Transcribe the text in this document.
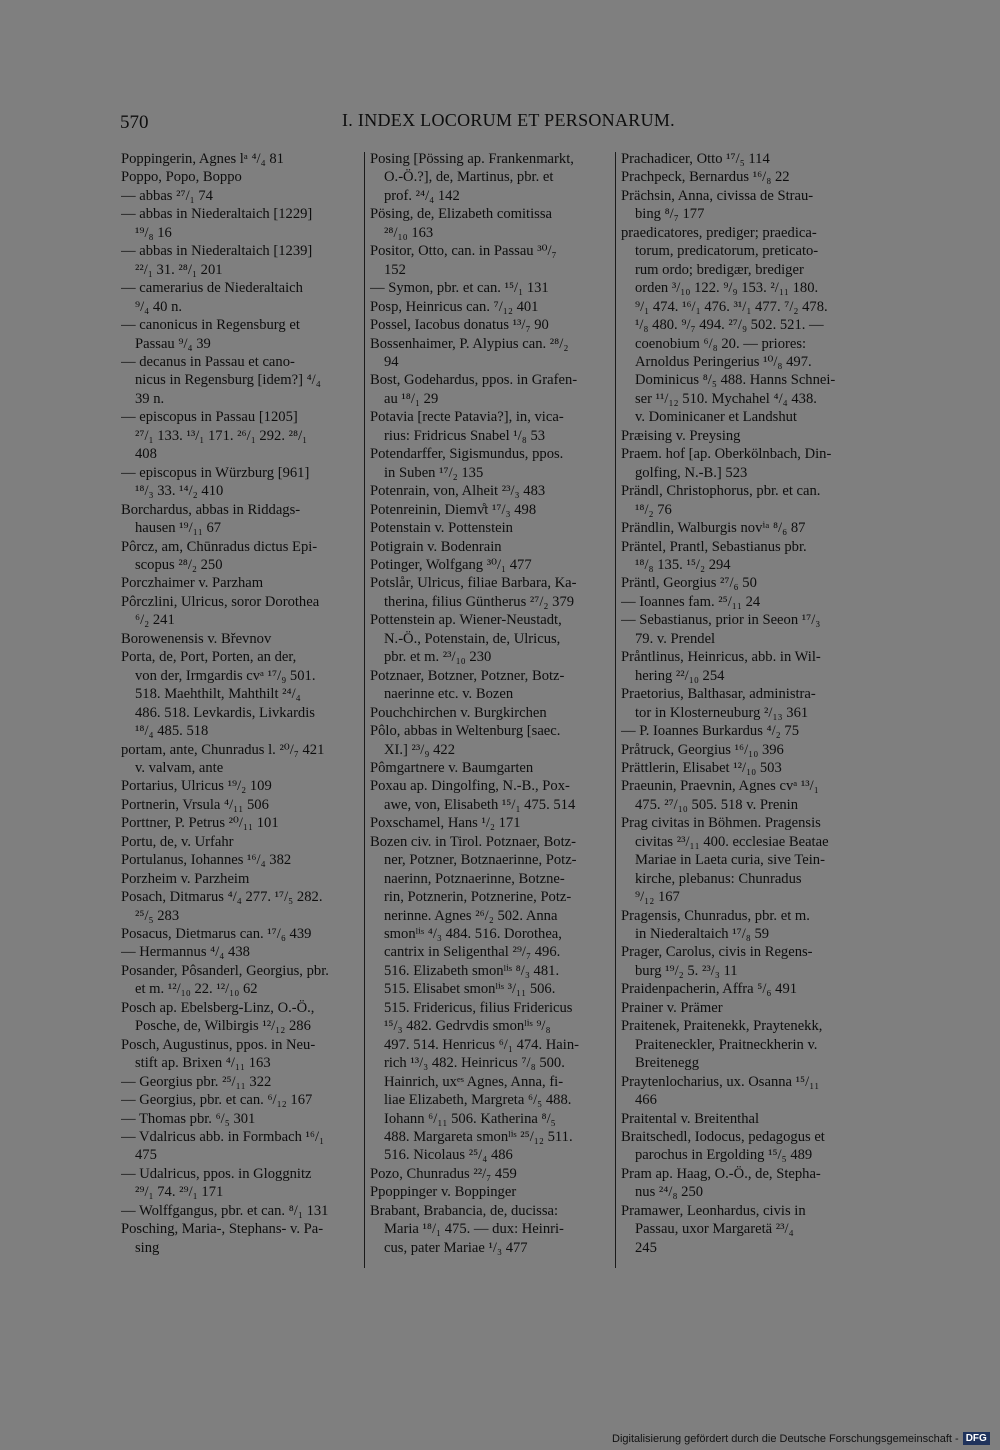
570	I. INDEX LOCORUM ET PERSONARUM.
Poppingerin, Agnes lᵃ ⁴/₄ 81
Poppo, Popo, Boppo
— abbas ²⁷/₁ 74
— abbas in Niederaltaich [1229]
¹⁹/₈ 16
— abbas in Niederaltaich [1239]
²²/₁ 31. ²⁸/₁ 201
— camerarius de Niederaltaich
⁹/₄ 40 n.
— canonicus in Regensburg et
Passau ⁹/₄ 39
— decanus in Passau et cano-
nicus in Regensburg [idem?] ⁴/₄
39 n.
— episcopus in Passau [1205]
²⁷/₁ 133. ¹³/₁ 171. ²⁶/₁ 292. ²⁸/₁
408
— episcopus in Würzburg [961]
¹⁸/₃ 33. ¹⁴/₂ 410
Borchardus, abbas in Riddags-
hausen ¹⁹/₁₁ 67
Pôrcz, am, Chūnradus dictus Epi-
scopus ²⁸/₂ 250
Porczhaimer v. Parzham
Pôrczlini, Ulricus, soror Dorothea
⁶/₂ 241
Borowenensis v. Břevnov
Porta, de, Port, Porten, an der,
von der, Irmgardis cvᵃ ¹⁷/₉ 501.
518. Maehthilt, Mahthilt ²⁴/₄
486. 518. Levkardis, Livkardis
¹⁸/₄ 485. 518
portam, ante, Chunradus l. ²⁰/₇ 421
v. valvam, ante
Portarius, Ulricus ¹⁹/₂ 109
Portnerin, Vrsula ⁴/₁₁ 506
Porttner, P. Petrus ²⁰/₁₁ 101
Portu, de, v. Urfahr
Portulanus, Iohannes ¹⁶/₄ 382
Porzheim v. Parzheim
Posach, Ditmarus ⁴/₄ 277. ¹⁷/₅ 282.
²⁵/₅ 283
Posacus, Dietmarus can. ¹⁷/₆ 439
— Hermannus ⁴/₄ 438
Posander, Pôsanderl, Georgius, pbr.
et m. ¹²/₁₀ 22. ¹²/₁₀ 62
Posch ap. Ebelsberg-Linz, O.-Ö.,
Posche, de, Wilbirgis ¹²/₁₂ 286
Posch, Augustinus, ppos. in Neu-
stift ap. Brixen ⁴/₁₁ 163
— Georgius pbr. ²⁵/₁₁ 322
— Georgius, pbr. et can. ⁶/₁₂ 167
— Thomas pbr. ⁶/₅ 301
— Vdalricus abb. in Formbach ¹⁶/₁
475
— Udalricus, ppos. in Gloggnitz
²⁹/₁ 74. ²⁹/₁ 171
— Wolffgangus, pbr. et can. ⁸/₁ 131
Posching, Maria-, Stephans- v. Pa-
sing
Posing [Pössing ap. Frankenmarkt,
O.-Ö.?], de, Martinus, pbr. et
prof. ²⁴/₄ 142
Pösing, de, Elizabeth comitissa
²⁸/₁₀ 163
Positor, Otto, can. in Passau ³⁰/₇
152
— Symon, pbr. et can. ¹⁵/₁ 131
Posp, Heinricus can. ⁷/₁₂ 401
Possel, Iacobus donatus ¹³/₇ 90
Bossenhaimer, P. Alypius can. ²⁸/₂
94
Bost, Godehardus, ppos. in Grafen-
au ¹⁸/₁ 29
Potavia [recte Patavia?], in, vica-
rius: Fridricus Snabel ¹/₈ 53
Potendarffer, Sigismundus, ppos.
in Suben ¹⁷/₂ 135
Potenrain, von, Alheit ²³/₃ 483
Potenreinin, Diemv̊t ¹⁷/₃ 498
Potenstain v. Pottenstein
Potigrain v. Bodenrain
Potinger, Wolfgang ³⁰/₁ 477
Potslår, Ulricus, filiae Barbara, Ka-
therina, filius Güntherus ²⁷/₂ 379
Pottenstein ap. Wiener-Neustadt,
N.-Ö., Potenstain, de, Ulricus,
pbr. et m. ²³/₁₀ 230
Potznaer, Botzner, Potzner, Botz-
naerinne etc. v. Bozen
Pouchchirchen v. Burgkirchen
Pôlo, abbas in Weltenburg [saec.
XI.] ²³/₉ 422
Pômgartnere v. Baumgarten
Poxau ap. Dingolfing, N.-B., Pox-
awe, von, Elisabeth ¹⁵/₁ 475. 514
Poxschamel, Hans ¹/₂ 171
Bozen civ. in Tirol. Potznaer, Botz-
ner, Potzner, Botznaerinne, Potz-
naerinn, Potznaerinne, Botzne-
rin, Potznerin, Potznerine, Potz-
nerinne. Agnes ²⁶/₂ 502. Anna
smonˡⁱˢ ⁴/₃ 484. 516. Dorothea,
cantrix in Seligenthal ²⁹/₇ 496.
516. Elizabeth smonˡⁱˢ ⁸/₃ 481.
515. Elisabet smonˡⁱˢ ³/₁₁ 506.
515. Fridericus, filius Fridericus
¹⁵/₃ 482. Gedrvdis smonˡⁱˢ ⁹/₈
497. 514. Henricus ⁶/₁ 474. Hain-
rich ¹³/₃ 482. Heinricus ⁷/₈ 500.
Hainrich, uxᵉˢ Agnes, Anna, fi-
liae Elizabeth, Margreta ⁶/₅ 488.
Iohann ⁶/₁₁ 506. Katherina ⁸/₅
488. Margareta smonˡⁱˢ ²⁵/₁₂ 511.
516. Nicolaus ²⁵/₄ 486
Pozo, Chunradus ²²/₇ 459
Ppoppinger v. Boppinger
Brabant, Brabancia, de, ducissa:
Maria ¹⁸/₁ 475. — dux: Heinri-
cus, pater Mariae ¹/₃ 477
Prachadicer, Otto ¹⁷/₅ 114
Prachpeck, Bernardus ¹⁶/₈ 22
Prächsin, Anna, civissa de Strau-
bing ⁸/₇ 177
praedicatores, prediger; praedica-
torum, predicatorum, preticato-
rum ordo; bredigær, brediger
orden ³/₁₀ 122. ⁹/₉ 153. ²/₁₁ 180.
⁹/₁ 474. ¹⁶/₁ 476. ³¹/₁ 477. ⁷/₂ 478.
¹/₈ 480. ⁹/₇ 494. ²⁷/₉ 502. 521. —
coenobium ⁶/₈ 20. — priores:
Arnoldus Peringerius ¹⁰/₈ 497.
Dominicus ⁸/₅ 488. Hanns Schnei-
ser ¹¹/₁₂ 510. Mychahel ⁴/₄ 438.
v. Dominicaner et Landshut
Præising v. Preysing
Praem. hof [ap. Oberkölnbach, Din-
golfing, N.-B.] 523
Prändl, Christophorus, pbr. et can.
¹⁸/₂ 76
Prändlin, Walburgis novⁱᵃ ⁸/₆ 87
Präntel, Prantl, Sebastianus pbr.
¹⁸/₈ 135. ¹⁵/₂ 294
Präntl, Georgius ²⁷/₆ 50
— Ioannes fam. ²⁵/₁₁ 24
— Sebastianus, prior in Seeon ¹⁷/₃
79. v. Prendel
Pråntlinus, Heinricus, abb. in Wil-
hering ²²/₁₀ 254
Praetorius, Balthasar, administra-
tor in Klosterneuburg ²/₁₃ 361
— P. Ioannes Burkardus ⁴/₂ 75
Pråtruck, Georgius ¹⁶/₁₀ 396
Prättlerin, Elisabet ¹²/₁₀ 503
Praeunin, Praevnin, Agnes cvᵃ ¹³/₁
475. ²⁷/₁₀ 505. 518 v. Prenin
Prag civitas in Böhmen. Pragensis
civitas ²³/₁₁ 400. ecclesiae Beatae
Mariae in Laeta curia, sive Tein-
kirche, plebanus: Chunradus
⁹/₁₂ 167
Pragensis, Chunradus, pbr. et m.
in Niederaltaich ¹⁷/₈ 59
Prager, Carolus, civis in Regens-
burg ¹⁹/₂ 5. ²³/₃ 11
Praidenpacherin, Affra ⁵/₆ 491
Prainer v. Prämer
Praitenek, Praitenekk, Praytenekk,
Praiteneckler, Praitneckherin v.
Breitenegg
Praytenlocharius, ux. Osanna ¹⁵/₁₁
466
Praitental v. Breitenthal
Braitschedl, Iodocus, pedagogus et
parochus in Ergolding ¹⁵/₅ 489
Pram ap. Haag, O.-Ö., de, Stepha-
nus ²⁴/₈ 250
Pramawer, Leonhardus, civis in
Passau, uxor Margaretä ²³/₄
245
Digitalisierung gefördert durch die Deutsche Forschungsgemeinschaft - DFG
